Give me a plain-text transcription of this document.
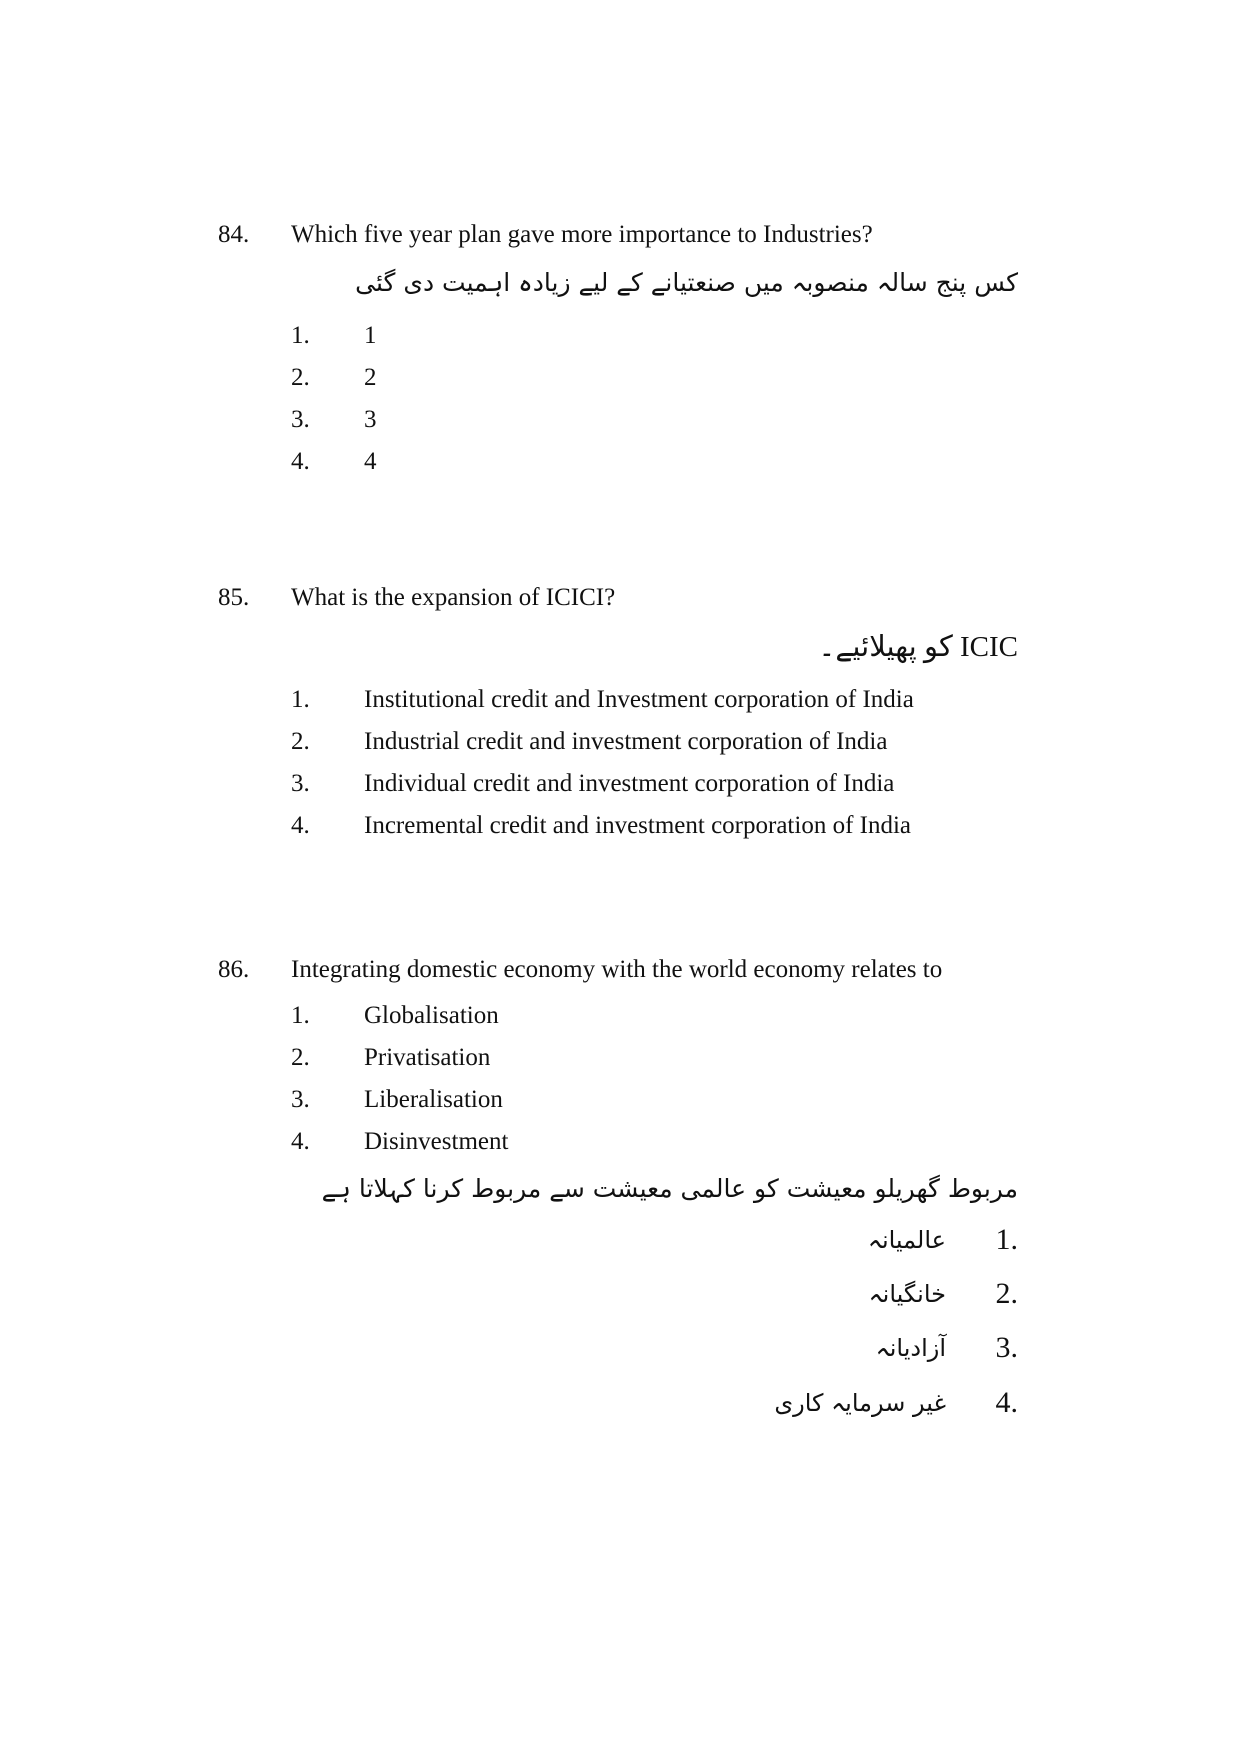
84. Which five year plan gave more importance to Industries?
کس پنج سالہ منصوبہ میں صنعتیانے کے لیے زیادہ اہمیت دی گئی
1. 1
2. 2
3. 3
4. 4
85. What is the expansion of ICICI?
ICIC کو پھیلائیے۔
1. Institutional credit and Investment corporation of India
2. Industrial credit and investment corporation of India
3. Individual credit and investment corporation of India
4. Incremental credit and investment corporation of India
86. Integrating domestic economy with the world economy relates to
1. Globalisation
2. Privatisation
3. Liberalisation
4. Disinvestment
مربوط گھریلو معیشت کو عالمی معیشت سے مربوط کرنا کہلاتا ہے
1.
عالمیانہ
2.
خانگیانہ
3.
آزادیانہ
4.
غیر سرمایہ کاری
